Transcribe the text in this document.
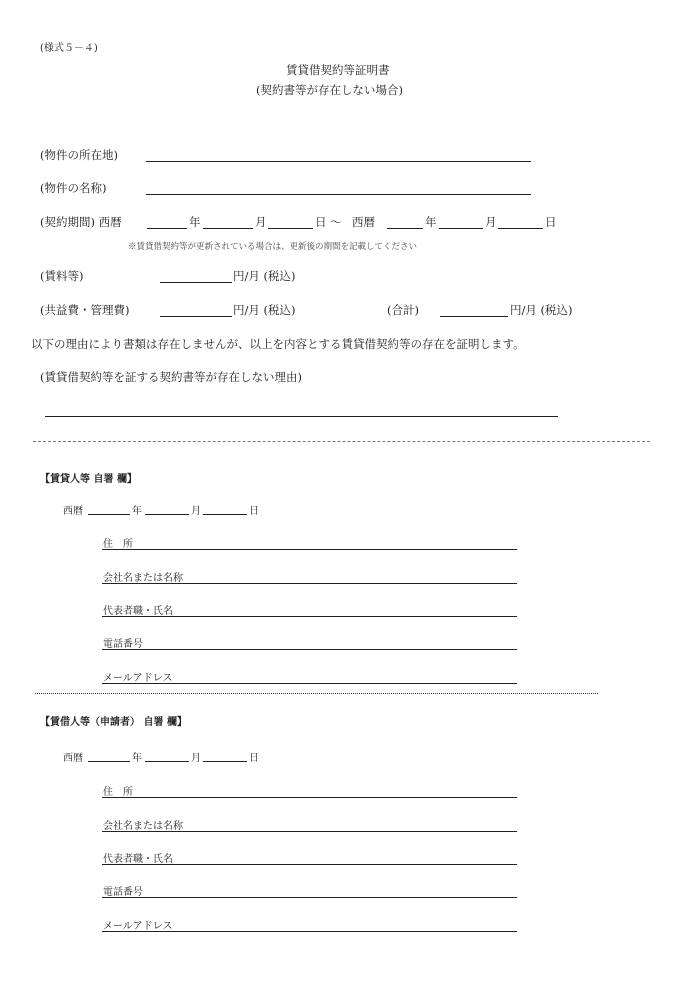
(様式５－４)
賃貸借契約等証明書
(契約書等が存在しない場合)
(物件の所在地)
(物件の名称)
(契約期間) 西暦	年	月	日 ～ 西暦	年	月	日
※賃貸借契約等が更新されている場合は、更新後の期間を記載してください
(賃料等)	円/月 (税込)
(共益費・管理費)	円/月 (税込)	(合計)	円/月 (税込)
以下の理由により書類は存在しませんが、以上を内容とする賃貸借契約等の存在を証明します。
(賃貸借契約等を証する契約書等が存在しない理由)
【賃貸人等 自署 欄】
西暦	年	月	日
住　所
会社名または名称
代表者職・氏名
電話番号
メールアドレス
【賃借人等（申請者） 自署 欄】
西暦	年	月	日
住　所
会社名または名称
代表者職・氏名
電話番号
メールアドレス
